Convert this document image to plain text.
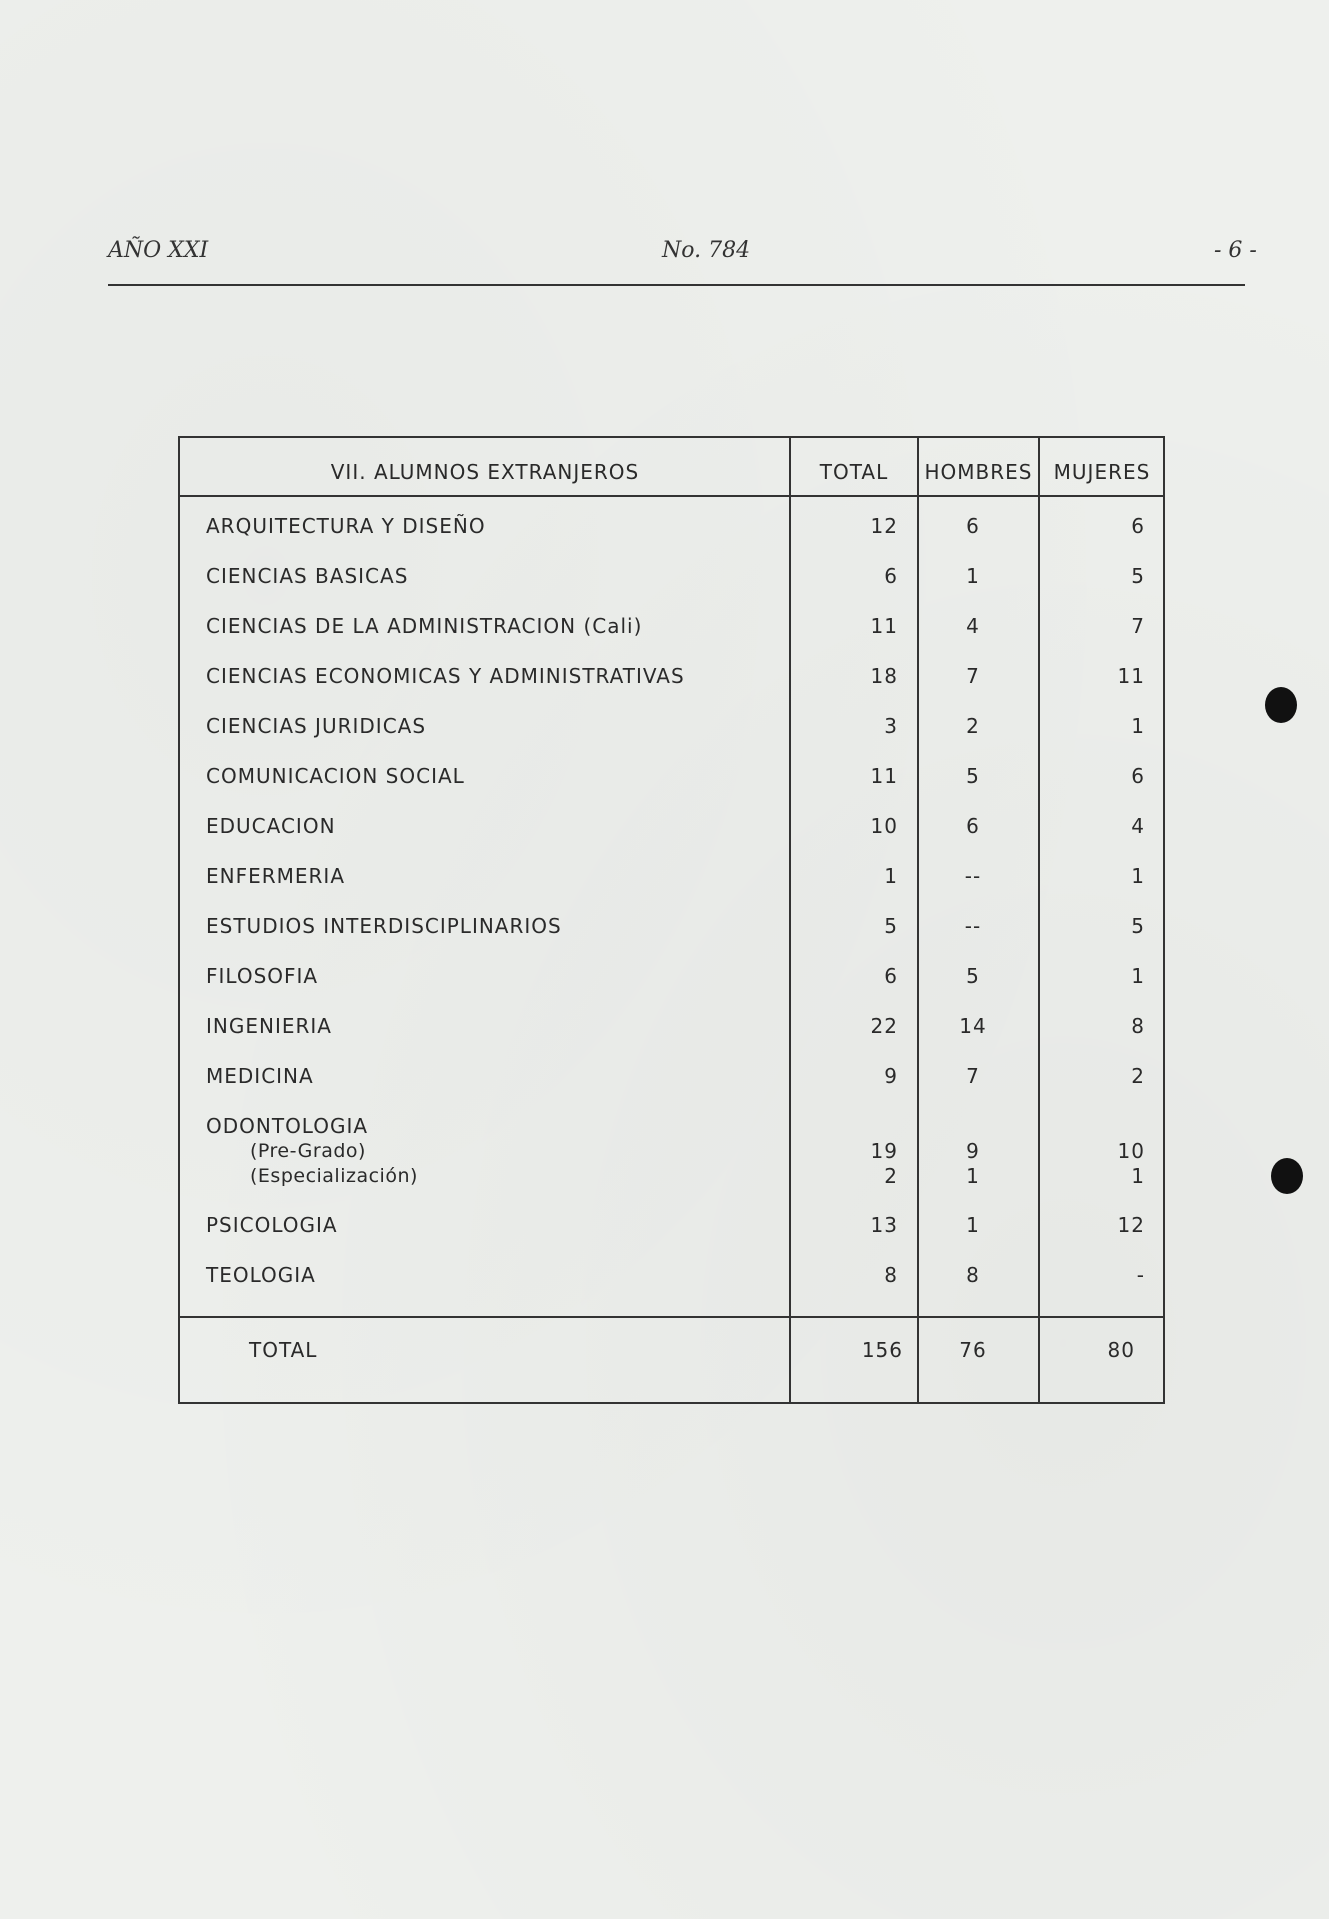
AÑO XXI	No. 784	- 6 -
VII. ALUMNOS EXTRANJEROS	TOTAL	HOMBRES	MUJERES
ARQUITECTURA Y DISEÑO	12	6	6
CIENCIAS BASICAS	6	1	5
CIENCIAS DE LA ADMINISTRACION (Cali)	11	4	7
CIENCIAS ECONOMICAS Y ADMINISTRATIVAS	18	7	11
CIENCIAS JURIDICAS	3	2	1
COMUNICACION SOCIAL	11	5	6
EDUCACION	10	6	4
ENFERMERIA	1	--	1
ESTUDIOS INTERDISCIPLINARIOS	5	--	5
FILOSOFIA	6	5	1
INGENIERIA	22	14	8
MEDICINA	9	7	2
ODONTOLOGIA
(Pre-Grado)	19	9	10
(Especialización)	2	1	1
PSICOLOGIA	13	1	12
TEOLOGIA	8	8	-
TOTAL	156	76	80
